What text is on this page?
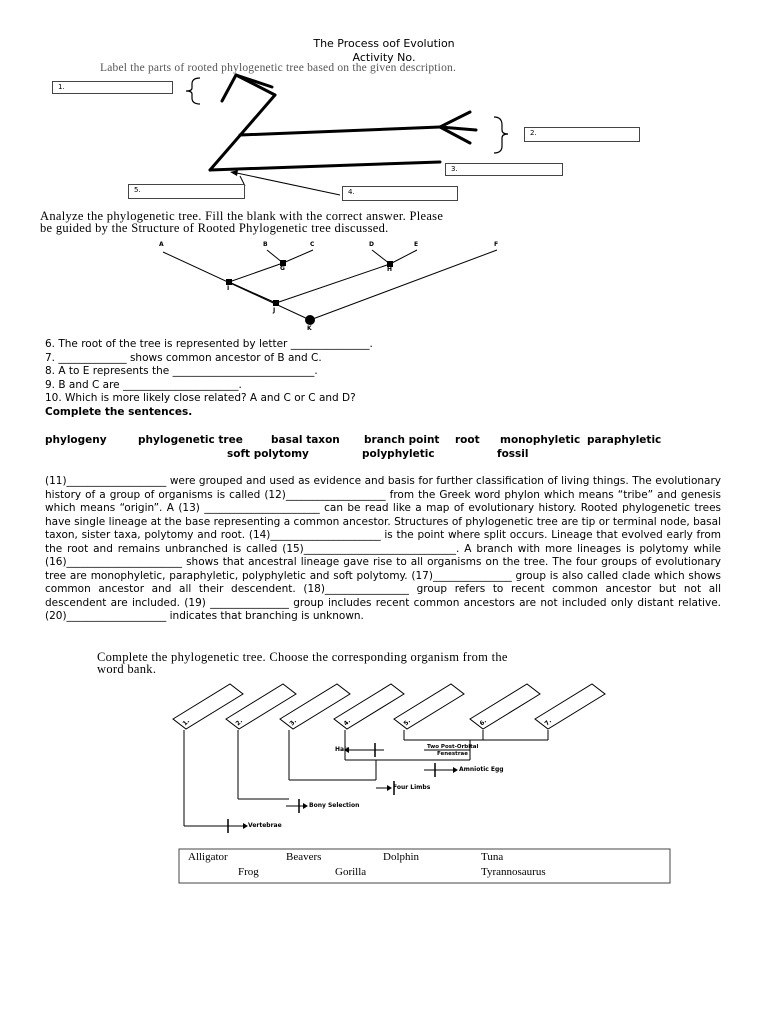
The Process oof Evolution
Activity No.
Label the parts of rooted phylogenetic tree based on the given description.
1.
2.
3.
4.
5.
Analyze the phylogenetic tree. Fill the blank with the correct answer. Please
be guided by the Structure of Rooted Phylogenetic tree discussed.
A	B	C	D	E	F
G	H
I
J
K
6. The root of the tree is represented by letter _______________.
7. _____________ shows common ancestor of B and C.
8. A to E represents the ___________________________.
9. B and C are ______________________.
10. Which is more likely close related? A and C or C and D?
Complete the sentences.
phylogeny	phylogenetic tree	basal taxon branch point root monophyletic paraphyletic
soft polytomy	polyphyletic	fossil

(11)___________________ were grouped and used as evidence and basis for further classification of living things. The evolutionary history of a group of organisms is called (12)___________________ from the Greek word phylon which means “tribe” and genesis which means “origin”. A (13) ______________________ can be read like a map of evolutionary history. Rooted phylogenetic trees have single lineage at the base representing a common ancestor. Structures of phylogenetic tree are tip or terminal node, basal taxon, sister taxa, polytomy and root. (14)_____________________ is the point where split occurs. Lineage that evolved early from the root and remains unbranched is called (15)_____________________________. A branch with more lineages is polytomy while (16)______________________ shows that ancestral lineage gave rise to all organisms on the tree. The four groups of evolutionary tree are monophyletic, paraphyletic, polyphyletic and soft polytomy. (17)_______________ group is also called clade which shows common ancestor and all their descendent. (18)________________ group refers to recent common ancestor but not all descendent are included. (19) _______________ group includes recent common ancestors are not included only distant relative. (20)___________________ indicates that branching is unknown.

Complete the phylogenetic tree. Choose the corresponding organism from the
word bank.
1.	2.	3.	4.	5.	6.	7.
Hair	Two Post-Orbital
Fenestrae
Amniotic Egg
Four Limbs
Bony Selection
Vertebrae
Alligator	Beavers	Dolphin	Tuna
Frog	Gorilla	Tyrannosaurus
